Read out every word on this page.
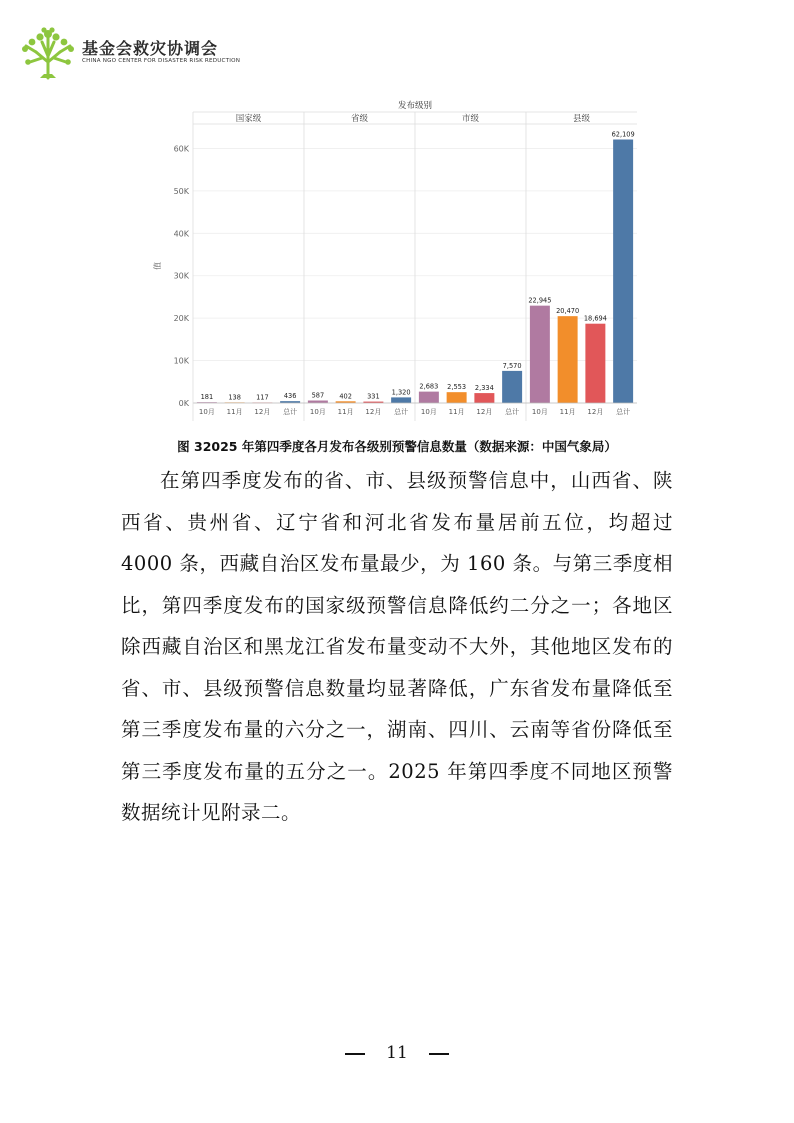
基金会救灾协调会
CHINA NGO CENTER FOR DISASTER RISK REDUCTION
发布级别
0K
10K
20K
30K
40K
50K
60K
值
国家级
181
10月
138
11月
117
12月
436
总计
省级
587
10月
402
11月
331
12月
1,320
总计
市级
2,683
10月
2,553
11月
2,334
12月
7,570
总计
县级
22,945
10月
20,470
11月
18,694
12月
62,109
总计
图 32025 年第四季度各月发布各级别预警信息数量（数据来源：中国气象局）
在第四季度发布的省、市、县级预警信息中，山西省、陕西省、贵州省、辽宁省和河北省发布量居前五位，均超过 4000 条，西藏自治区发布量最少，为 160 条。与第三季度相比，第四季度发布的国家级预警信息降低约二分之一；各地区除西藏自治区和黑龙江省发布量变动不大外，其他地区发布的省、市、县级预警信息数量均显著降低，广东省发布量降低至第三季度发布量的六分之一，湖南、四川、云南等省份降低至第三季度发布量的五分之一。2025 年第四季度不同地区预警数据统计见附录二。
11
